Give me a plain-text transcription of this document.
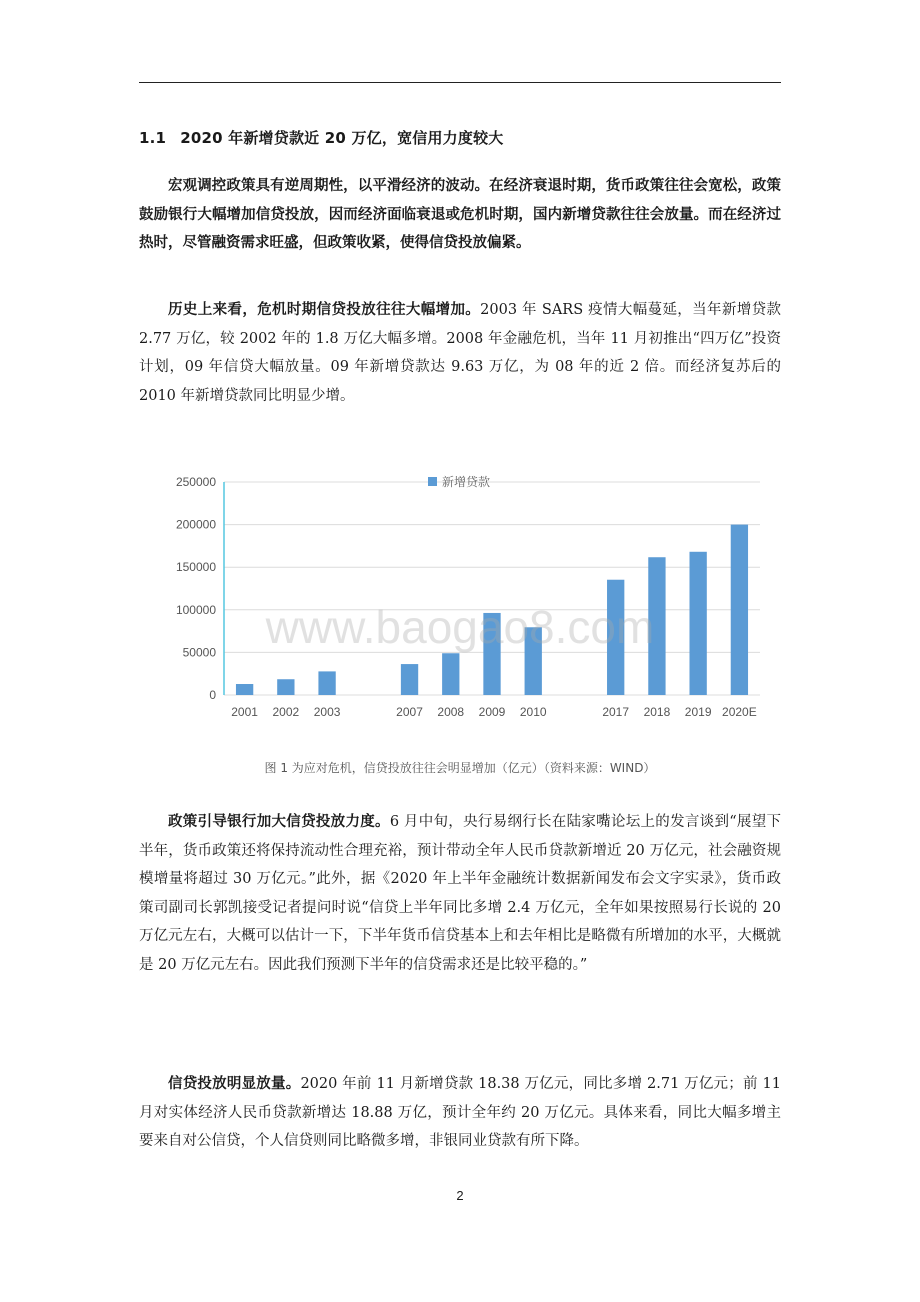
1.1 2020 年新增贷款近 20 万亿，宽信用力度较大

宏观调控政策具有逆周期性，以平滑经济的波动。在经济衰退时期，货币政策往往会宽松，政策鼓励银行大幅增加信贷投放，因而经济面临衰退或危机时期，国内新增贷款往往会放量。而在经济过热时，尽管融资需求旺盛，但政策收紧，使得信贷投放偏紧。

历史上来看，危机时期信贷投放往往大幅增加。2003 年 SARS 疫情大幅蔓延，当年新增贷款 2.77 万亿，较 2002 年的 1.8 万亿大幅多增。2008 年金融危机，当年 11 月初推出“四万亿”投资计划，09 年信贷大幅放量。09 年新增贷款达 9.63 万亿，为 08 年的近 2 倍。而经济复苏后的 2010 年新增贷款同比明显少增。

2001 2002 2003	2007 2008 2009 2010	2017 2018 2019 2020E
0
50000
100000
150000
200000
250000	新增贷款
www.baogao8.com
图 1 为应对危机，信贷投放往往会明显增加（亿元）（资料来源：WIND）

政策引导银行加大信贷投放力度。6 月中旬，央行易纲行长在陆家嘴论坛上的发言谈到“展望下半年，货币政策还将保持流动性合理充裕，预计带动全年人民币贷款新增近 20 万亿元，社会融资规模增量将超过 30 万亿元。”此外，据《2020 年上半年金融统计数据新闻发布会文字实录》，货币政策司副司长郭凯接受记者提问时说“信贷上半年同比多增 2.4 万亿元，全年如果按照易行长说的 20 万亿元左右，大概可以估计一下，下半年货币信贷基本上和去年相比是略微有所增加的水平，大概就是 20 万亿元左右。因此我们预测下半年的信贷需求还是比较平稳的。”

信贷投放明显放量。2020 年前 11 月新增贷款 18.38 万亿元，同比多增 2.71 万亿元；前 11 月对实体经济人民币贷款新增达 18.88 万亿，预计全年约 20 万亿元。具体来看，同比大幅多增主要来自对公信贷，个人信贷则同比略微多增，非银同业贷款有所下降。

2
